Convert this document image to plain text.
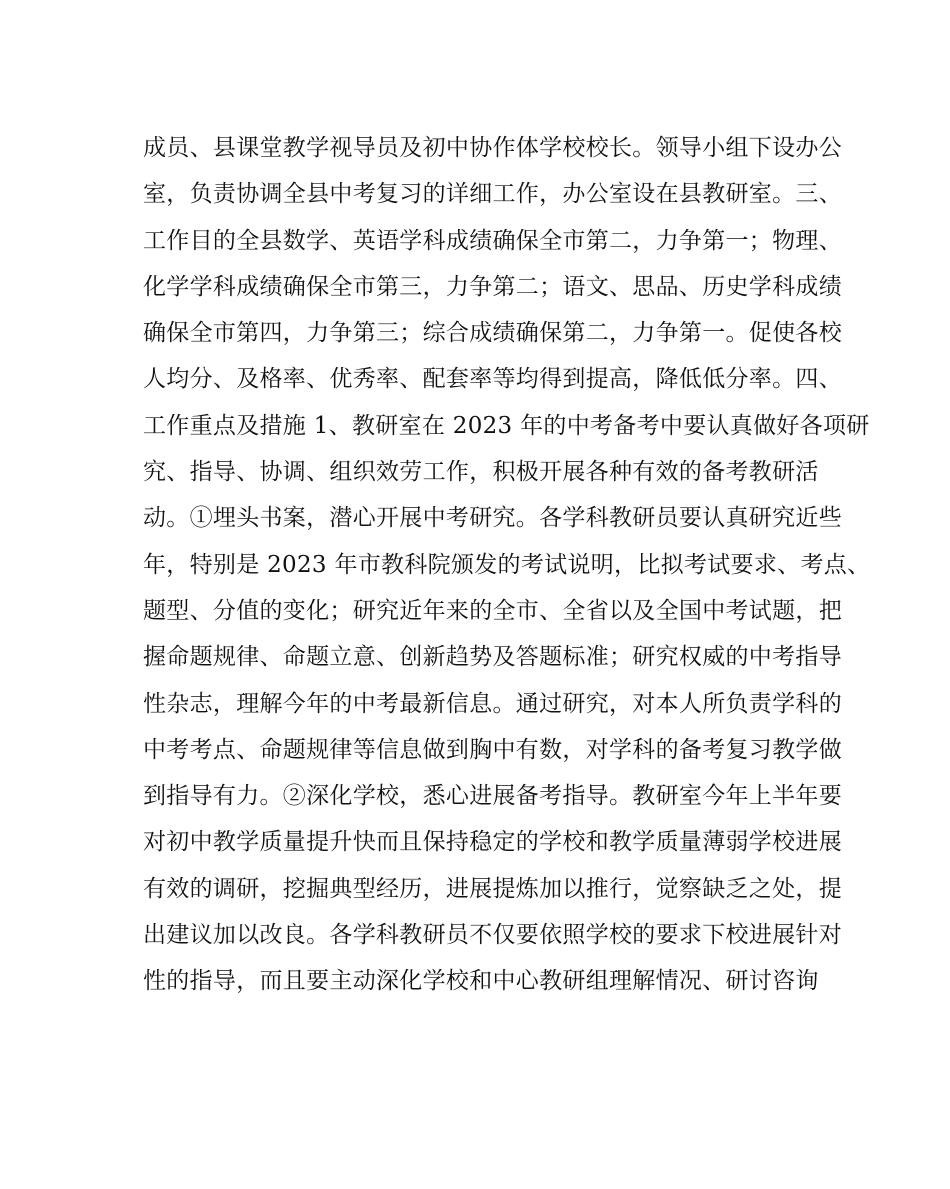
成员、县课堂教学视导员及初中协作体学校校长。领导小组下设办公
室，负责协调全县中考复习的详细工作，办公室设在县教研室。三、
工作目的全县数学、英语学科成绩确保全市第二，力争第一；物理、
化学学科成绩确保全市第三，力争第二；语文、思品、历史学科成绩
确保全市第四，力争第三；综合成绩确保第二，力争第一。促使各校
人均分、及格率、优秀率、配套率等均得到提高，降低低分率。四、
工作重点及措施 1、教研室在 2023 年的中考备考中要认真做好各项研
究、指导、协调、组织效劳工作，积极开展各种有效的备考教研活
动。①埋头书案，潜心开展中考研究。各学科教研员要认真研究近些
年，特别是 2023 年市教科院颁发的考试说明，比拟考试要求、考点、
题型、分值的变化；研究近年来的全市、全省以及全国中考试题，把
握命题规律、命题立意、创新趋势及答题标准；研究权威的中考指导
性杂志，理解今年的中考最新信息。通过研究，对本人所负责学科的
中考考点、命题规律等信息做到胸中有数，对学科的备考复习教学做
到指导有力。②深化学校，悉心进展备考指导。教研室今年上半年要
对初中教学质量提升快而且保持稳定的学校和教学质量薄弱学校进展
有效的调研，挖掘典型经历，进展提炼加以推行，觉察缺乏之处，提
出建议加以改良。各学科教研员不仅要依照学校的要求下校进展针对
性的指导，而且要主动深化学校和中心教研组理解情况、研讨咨询
